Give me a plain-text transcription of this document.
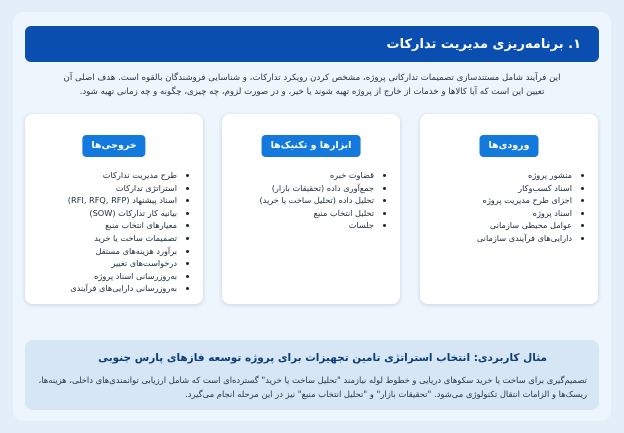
۱. برنامه‌ریزی مدیریت تدارکات
این فرآیند شامل مستندسازی تصمیمات تدارکاتی پروژه، مشخص کردن رویکرد تدارکات، و شناسایی فروشندگان بالقوه است. هدف اصلی آن
تعیین این است که آیا کالاها و خدمات از خارج از پروژه تهیه شوند یا خیر، و در صورت لزوم، چه چیزی، چگونه و چه زمانی تهیه شود.
ورودی‌ها
• منشور پروژه
• اسناد کسب‌وکار
• اجزای طرح مدیریت پروژه
• اسناد پروژه
• عوامل محیطی سازمانی
• دارایی‌های فرآیندی سازمانی
ابزارها و تکنیک‌ها
• قضاوت خبره
• جمع‌آوری داده (تحقیقات بازار)
• تحلیل داده (تحلیل ساخت یا خرید)
• تحلیل انتخاب منبع
• جلسات
خروجی‌ها
• طرح مدیریت تدارکات
• استراتژی تدارکات
• اسناد پیشنهاد (RFI, RFQ, RFP)
• بیانیه کار تدارکات (SOW)
• معیارهای انتخاب منبع
• تصمیمات ساخت یا خرید
• برآورد هزینه‌های مستقل
• درخواست‌های تغییر
• به‌روزرسانی اسناد پروژه
• به‌روزرسانی دارایی‌های فرآیندی
مثال کاربردی: انتخاب استراتژی تامین تجهیزات برای پروژه توسعه فازهای پارس جنوبی
تصمیم‌گیری برای ساخت یا خرید سکوهای دریایی و خطوط لوله نیازمند "تحلیل ساخت یا خرید" گسترده‌ای است که شامل ارزیابی توانمندی‌های داخلی، هزینه‌ها،
ریسک‌ها و الزامات انتقال تکنولوژی می‌شود. "تحقیقات بازار" و "تحلیل انتخاب منبع" نیز در این مرحله انجام می‌گیرد.
